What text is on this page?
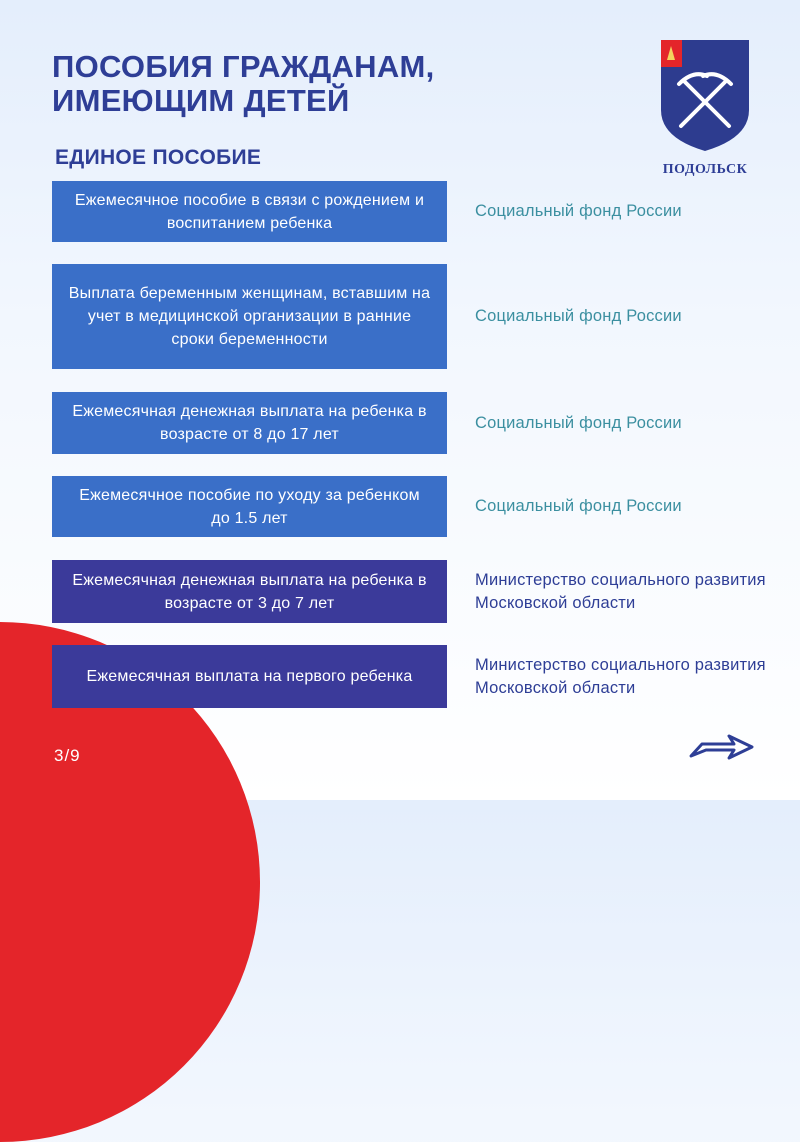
ПОСОБИЯ ГРАЖДАНАМ,
ИМЕЮЩИМ ДЕТЕЙ
ЕДИНОЕ ПОСОБИЕ
ПОДОЛЬСК
Ежемесячное пособие в связи с рождением и воспитанием ребенка
Социальный фонд России
Выплата беременным женщинам, вставшим на учет в медицинской организации в ранние сроки беременности
Социальный фонд России
Ежемесячная денежная выплата на ребенка в возрасте от 8 до 17 лет
Социальный фонд России
Ежемесячное пособие по уходу за ребенком до 1.5 лет
Социальный фонд России
Ежемесячная денежная выплата на ребенка в возрасте от 3 до 7 лет
Министерство социального развития Московской области
Ежемесячная выплата на первого ребенка
Министерство социального развития Московской области
3/9
